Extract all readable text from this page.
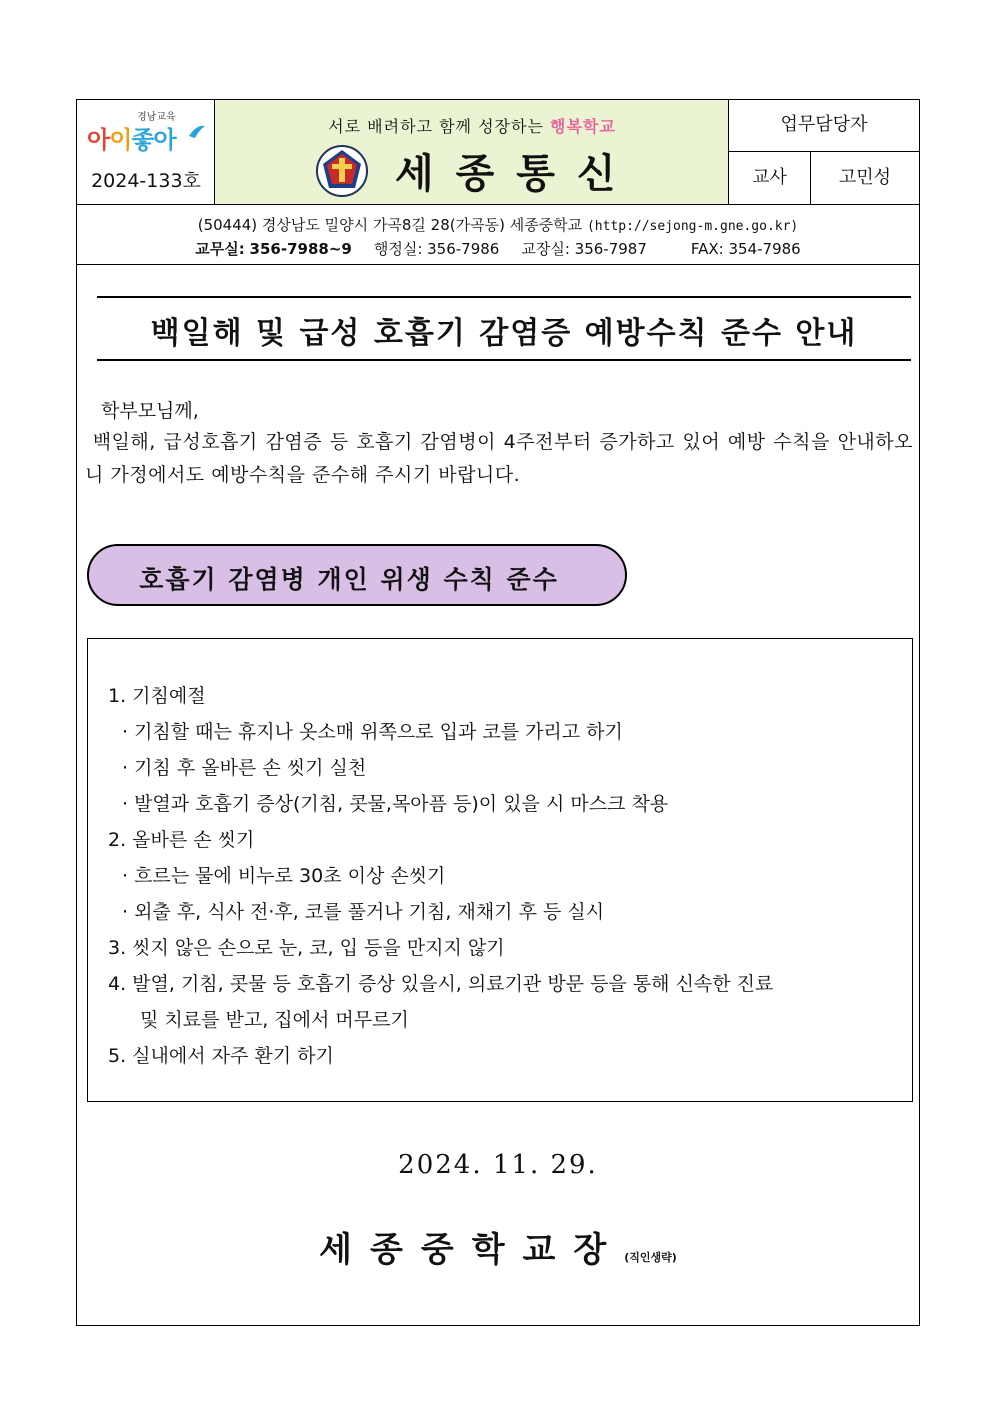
경남교육
아이좋아
2024-133호
서로 배려하고 함께 성장하는 행복학교
세종통신
업무담당자
교사	고민성
(50444) 경상남도 밀양시 가곡8길 28(가곡동) 세종중학교 (http://sejong-m.gne.go.kr)
교무실: 356-7988~9 행정실: 356-7986 교장실: 356-7987	FAX: 354-7986
백일해 및 급성 호흡기 감염증 예방수칙 준수 안내
학부모님께,
백일해, 급성호흡기 감염증 등 호흡기 감염병이 4주전부터 증가하고 있어 예방 수칙을 안내하오니 가정에서도 예방수칙을 준수해 주시기 바랍니다.
호흡기 감염병 개인 위생 수칙 준수
1. 기침예절
· 기침할 때는 휴지나 옷소매 위쪽으로 입과 코를 가리고 하기
· 기침 후 올바른 손 씻기 실천
· 발열과 호흡기 증상(기침, 콧물,목아픔 등)이 있을 시 마스크 착용
2. 올바른 손 씻기
· 흐르는 물에 비누로 30초 이상 손씻기
· 외출 후, 식사 전·후, 코를 풀거나 기침, 재채기 후 등 실시
3. 씻지 않은 손으로 눈, 코, 입 등을 만지지 않기
4. 발열, 기침, 콧물 등 호흡기 증상 있을시, 의료기관 방문 등을 통해 신속한 진료
및 치료를 받고, 집에서 머무르기
5. 실내에서 자주 환기 하기
2024. 11. 29.
세종중학교장(직인생략)
